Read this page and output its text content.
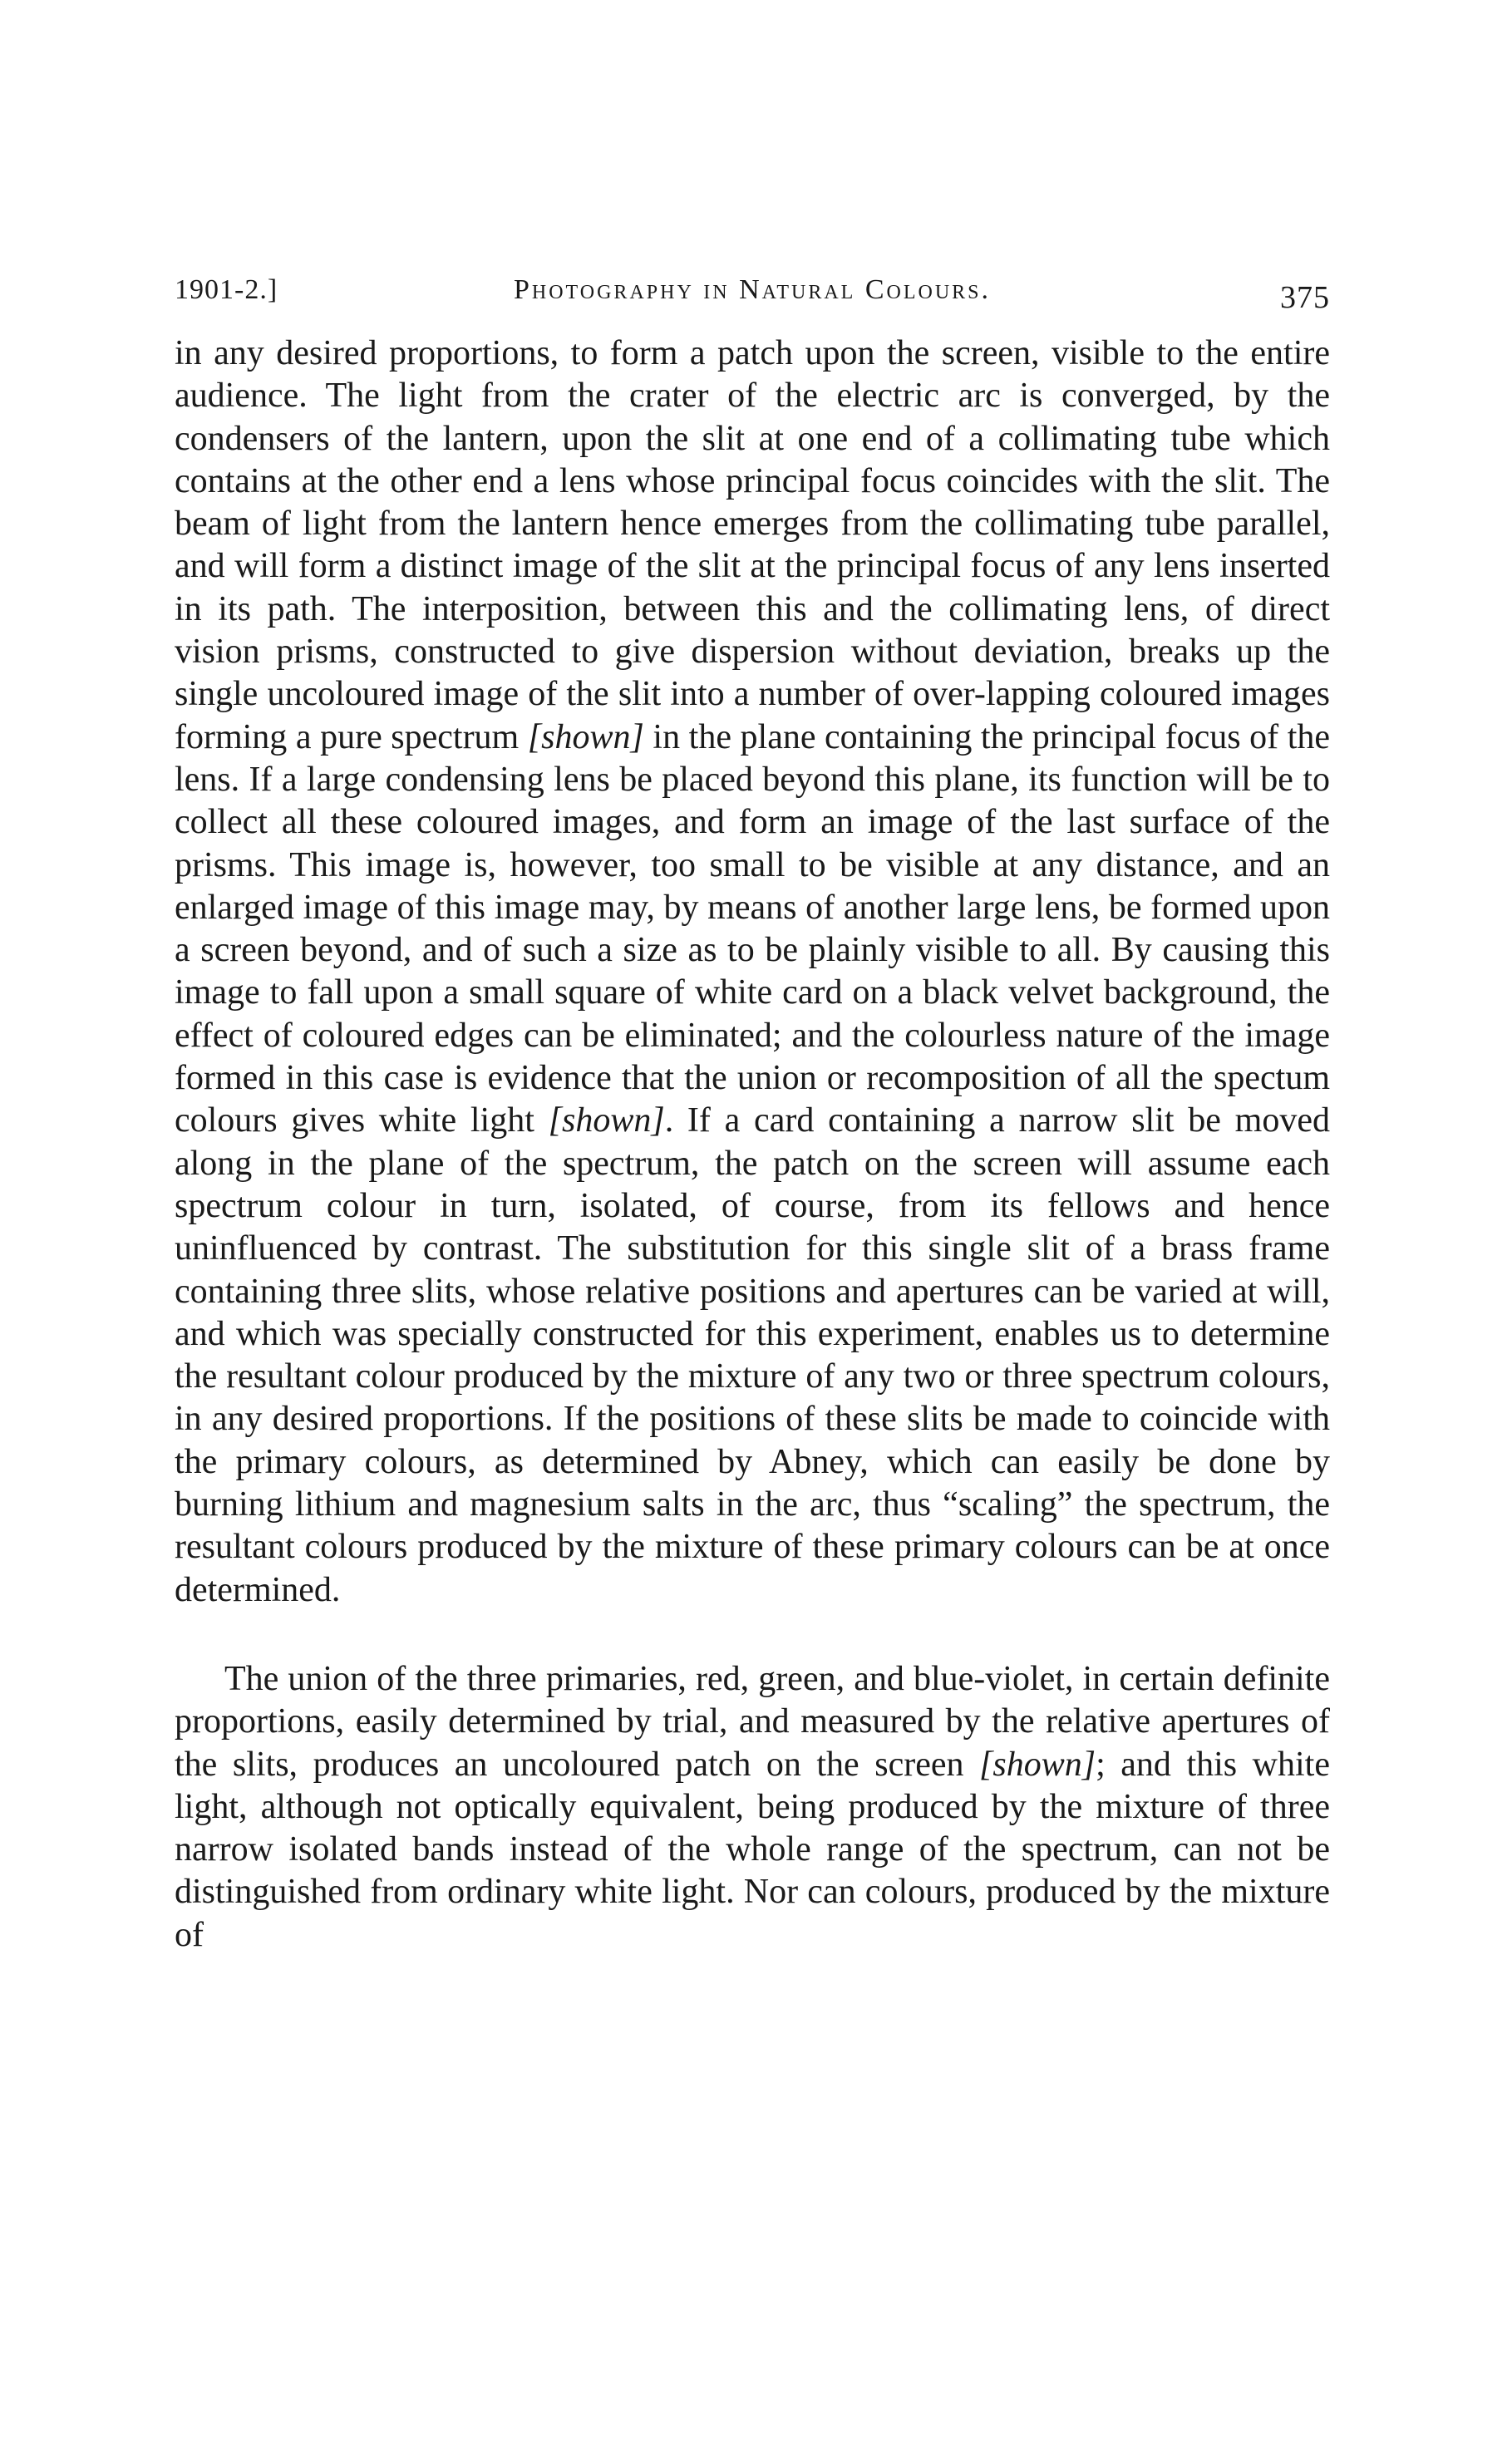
1901-2.]	Photography in Natural Colours.	375

in any desired proportions, to form a patch upon the screen, visible to the entire audience. The light from the crater of the electric arc is converged, by the condensers of the lantern, upon the slit at one end of a collimating tube which contains at the other end a lens whose principal focus coincides with the slit. The beam of light from the lantern hence emerges from the collimating tube parallel, and will form a distinct image of the slit at the principal focus of any lens inserted in its path. The interposition, between this and the collimating lens, of direct vision prisms, constructed to give dispersion without deviation, breaks up the single uncoloured image of the slit into a number of over-lapping coloured images forming a pure spectrum [shown] in the plane containing the principal focus of the lens. If a large condensing lens be placed beyond this plane, its function will be to collect all these coloured images, and form an image of the last surface of the prisms. This image is, however, too small to be visible at any distance, and an enlarged image of this image may, by means of another large lens, be formed upon a screen beyond, and of such a size as to be plainly visible to all. By causing this image to fall upon a small square of white card on a black velvet background, the effect of coloured edges can be eliminated; and the colourless nature of the image formed in this case is evidence that the union or recomposition of all the spectum colours gives white light [shown]. If a card containing a narrow slit be moved along in the plane of the spectrum, the patch on the screen will assume each spectrum colour in turn, isolated, of course, from its fellows and hence uninfluenced by contrast. The substitution for this single slit of a brass frame containing three slits, whose relative positions and apertures can be varied at will, and which was specially constructed for this experiment, enables us to determine the resultant colour produced by the mixture of any two or three spectrum colours, in any desired proportions. If the positions of these slits be made to coincide with the primary colours, as determined by Abney, which can easily be done by burning lithium and magnesium salts in the arc, thus “scaling” the spectrum, the resultant colours produced by the mixture of these primary colours can be at once determined.

The union of the three primaries, red, green, and blue-violet, in certain definite proportions, easily determined by trial, and measured by the relative apertures of the slits, produces an uncoloured patch on the screen [shown]; and this white light, although not optically equivalent, being produced by the mixture of three narrow isolated bands instead of the whole range of the spectrum, can not be distinguished from ordinary white light. Nor can colours, produced by the mixture of
